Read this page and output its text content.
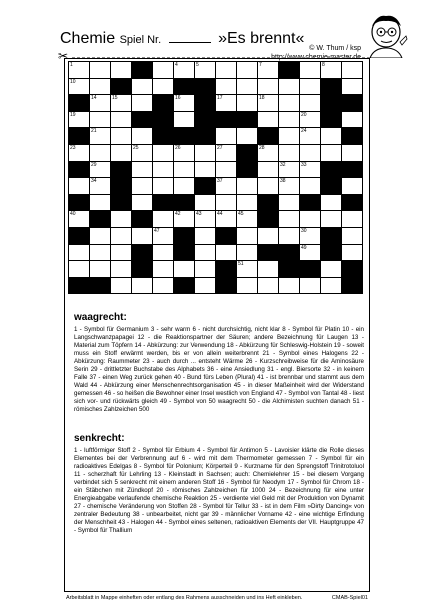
Chemie Spiel Nr.	»Es brennt«
© W. Thum / ksp
http://www.chemie-master.de
✂
1	4	5	7	8
10
14	15	16	17	18
19	20
21	24
23	25	26	27	28
29	32	33
34	37	38
40	42	43	44	45
47	30
49
51
waagrecht:
1 - Symbol für Germanium 3 - sehr warm 6 - nicht durchsichtig, nicht klar 8 - Symbol für Platin 10 - ein Langschwanzpapagei 12 - die Reaktionspartner der Säuren; andere Bezeichnung für Laugen 13 - Material zum Töpfern 14 - Abkürzung: zur Verwendung 18 - Abkürzung für Schleswig-Holstein 19 - soweit muss ein Stoff erwärmt werden, bis er von allein weiterbrennt 21 - Symbol eines Halogens 22 - Abkürzung: Raummeter 23 - auch durch ... entsteht Wärme 26 - Kurzschreibweise für die Aminosäure Serin 29 - drittletzter Buchstabe des Alphabets 36 - eine Ansiedlung 31 - engl. Biersorte 32 - in keinem Falle 37 - einen Weg zurück gehen 40 - Bund fürs Leben (Plural) 41 - ist brennbar und stammt aus dem Wald 44 - Abkürzung einer Menschenrechtsorganisation 45 - in dieser Maßeinheit wird der Widerstand gemessen 46 - so heißen die Bewohner einer Insel westlich von England 47 - Symbol von Tantal 48 - liest sich vor- und rückwärts gleich 49 - Symbol von 50 waagrecht 50 - die Alchimisten suchten danach 51 - römisches Zahlzeichen 500
senkrecht:
1 - luftförmiger Stoff 2 - Symbol für Erbium 4 - Symbol für Antimon 5 - Lavoisier klärte die Rolle dieses Elementes bei der Verbrennung auf 6 - wird mit dem Thermometer gemessen 7 - Symbol für ein radioaktives Edelgas 8 - Symbol für Polonium; Körperteil 9 - Kurzname für den Sprengstoff Trinitrotoluol 11 - scherzhaft für Lehrling 13 - Kleinstadt in Sachsen; auch: Chemielehrer 15 - bei diesem Vorgang verbindet sich 5 senkrecht mit einem anderen Stoff 16 - Symbol für Neodym 17 - Symbol für Chrom 18 - ein Stäbchen mit Zündkopf 20 - römisches Zahlzeichen für 1000 24 - Bezeichnung für eine unter Energieabgabe verlaufende chemische Reaktion 25 - verdiente viel Geld mit der Produktion von Dynamit 27 - chemische Veränderung von Stoffen 28 - Symbol für Tellur 33 - ist in dem Film »Dirty Dancing« von zentraler Bedeutung 38 - unbearbeitet, nicht gar 39 - männlicher Vorname 42 - eine wichtige Erfindung der Menschheit 43 - Halogen 44 - Symbol eines seltenen, radioaktiven Elements der VII. Hauptgruppe 47 - Symbol für Thallium
Arbeitsblatt in Mappe einheften oder entlang des Rahmens ausschneiden und ins Heft einkleben.	CMAB-Spiel01
